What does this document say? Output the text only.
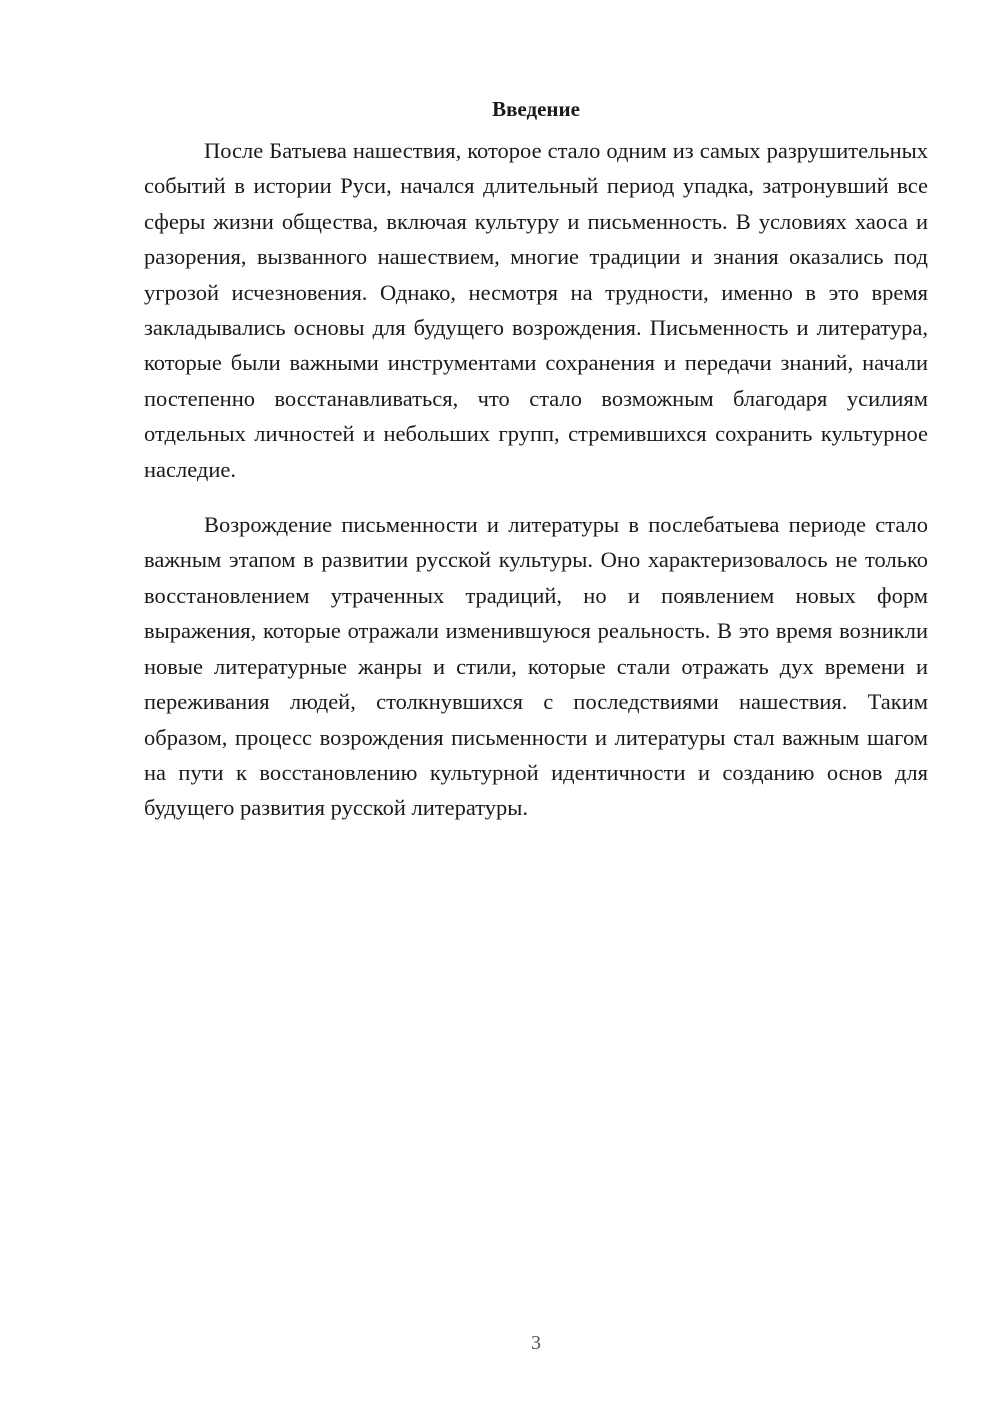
Введение

После Батыева нашествия, которое стало одним из самых разрушительных событий в истории Руси, начался длительный период упадка, затронувший все сферы жизни общества, включая культуру и письменность. В условиях хаоса и разорения, вызванного нашествием, многие традиции и знания оказались под угрозой исчезновения. Однако, несмотря на трудности, именно в это время закладывались основы для будущего возрождения. Письменность и литература, которые были важными инструментами сохранения и передачи знаний, начали постепенно восстанавливаться, что стало возможным благодаря усилиям отдельных личностей и небольших групп, стремившихся сохранить культурное наследие.

Возрождение письменности и литературы в послебатыева периоде стало важным этапом в развитии русской культуры. Оно характеризовалось не только восстановлением утраченных традиций, но и появлением новых форм выражения, которые отражали изменившуюся реальность. В это время возникли новые литературные жанры и стили, которые стали отражать дух времени и переживания людей, столкнувшихся с последствиями нашествия. Таким образом, процесс возрождения письменности и литературы стал важным шагом на пути к восстановлению культурной идентичности и созданию основ для будущего развития русской литературы.

3
